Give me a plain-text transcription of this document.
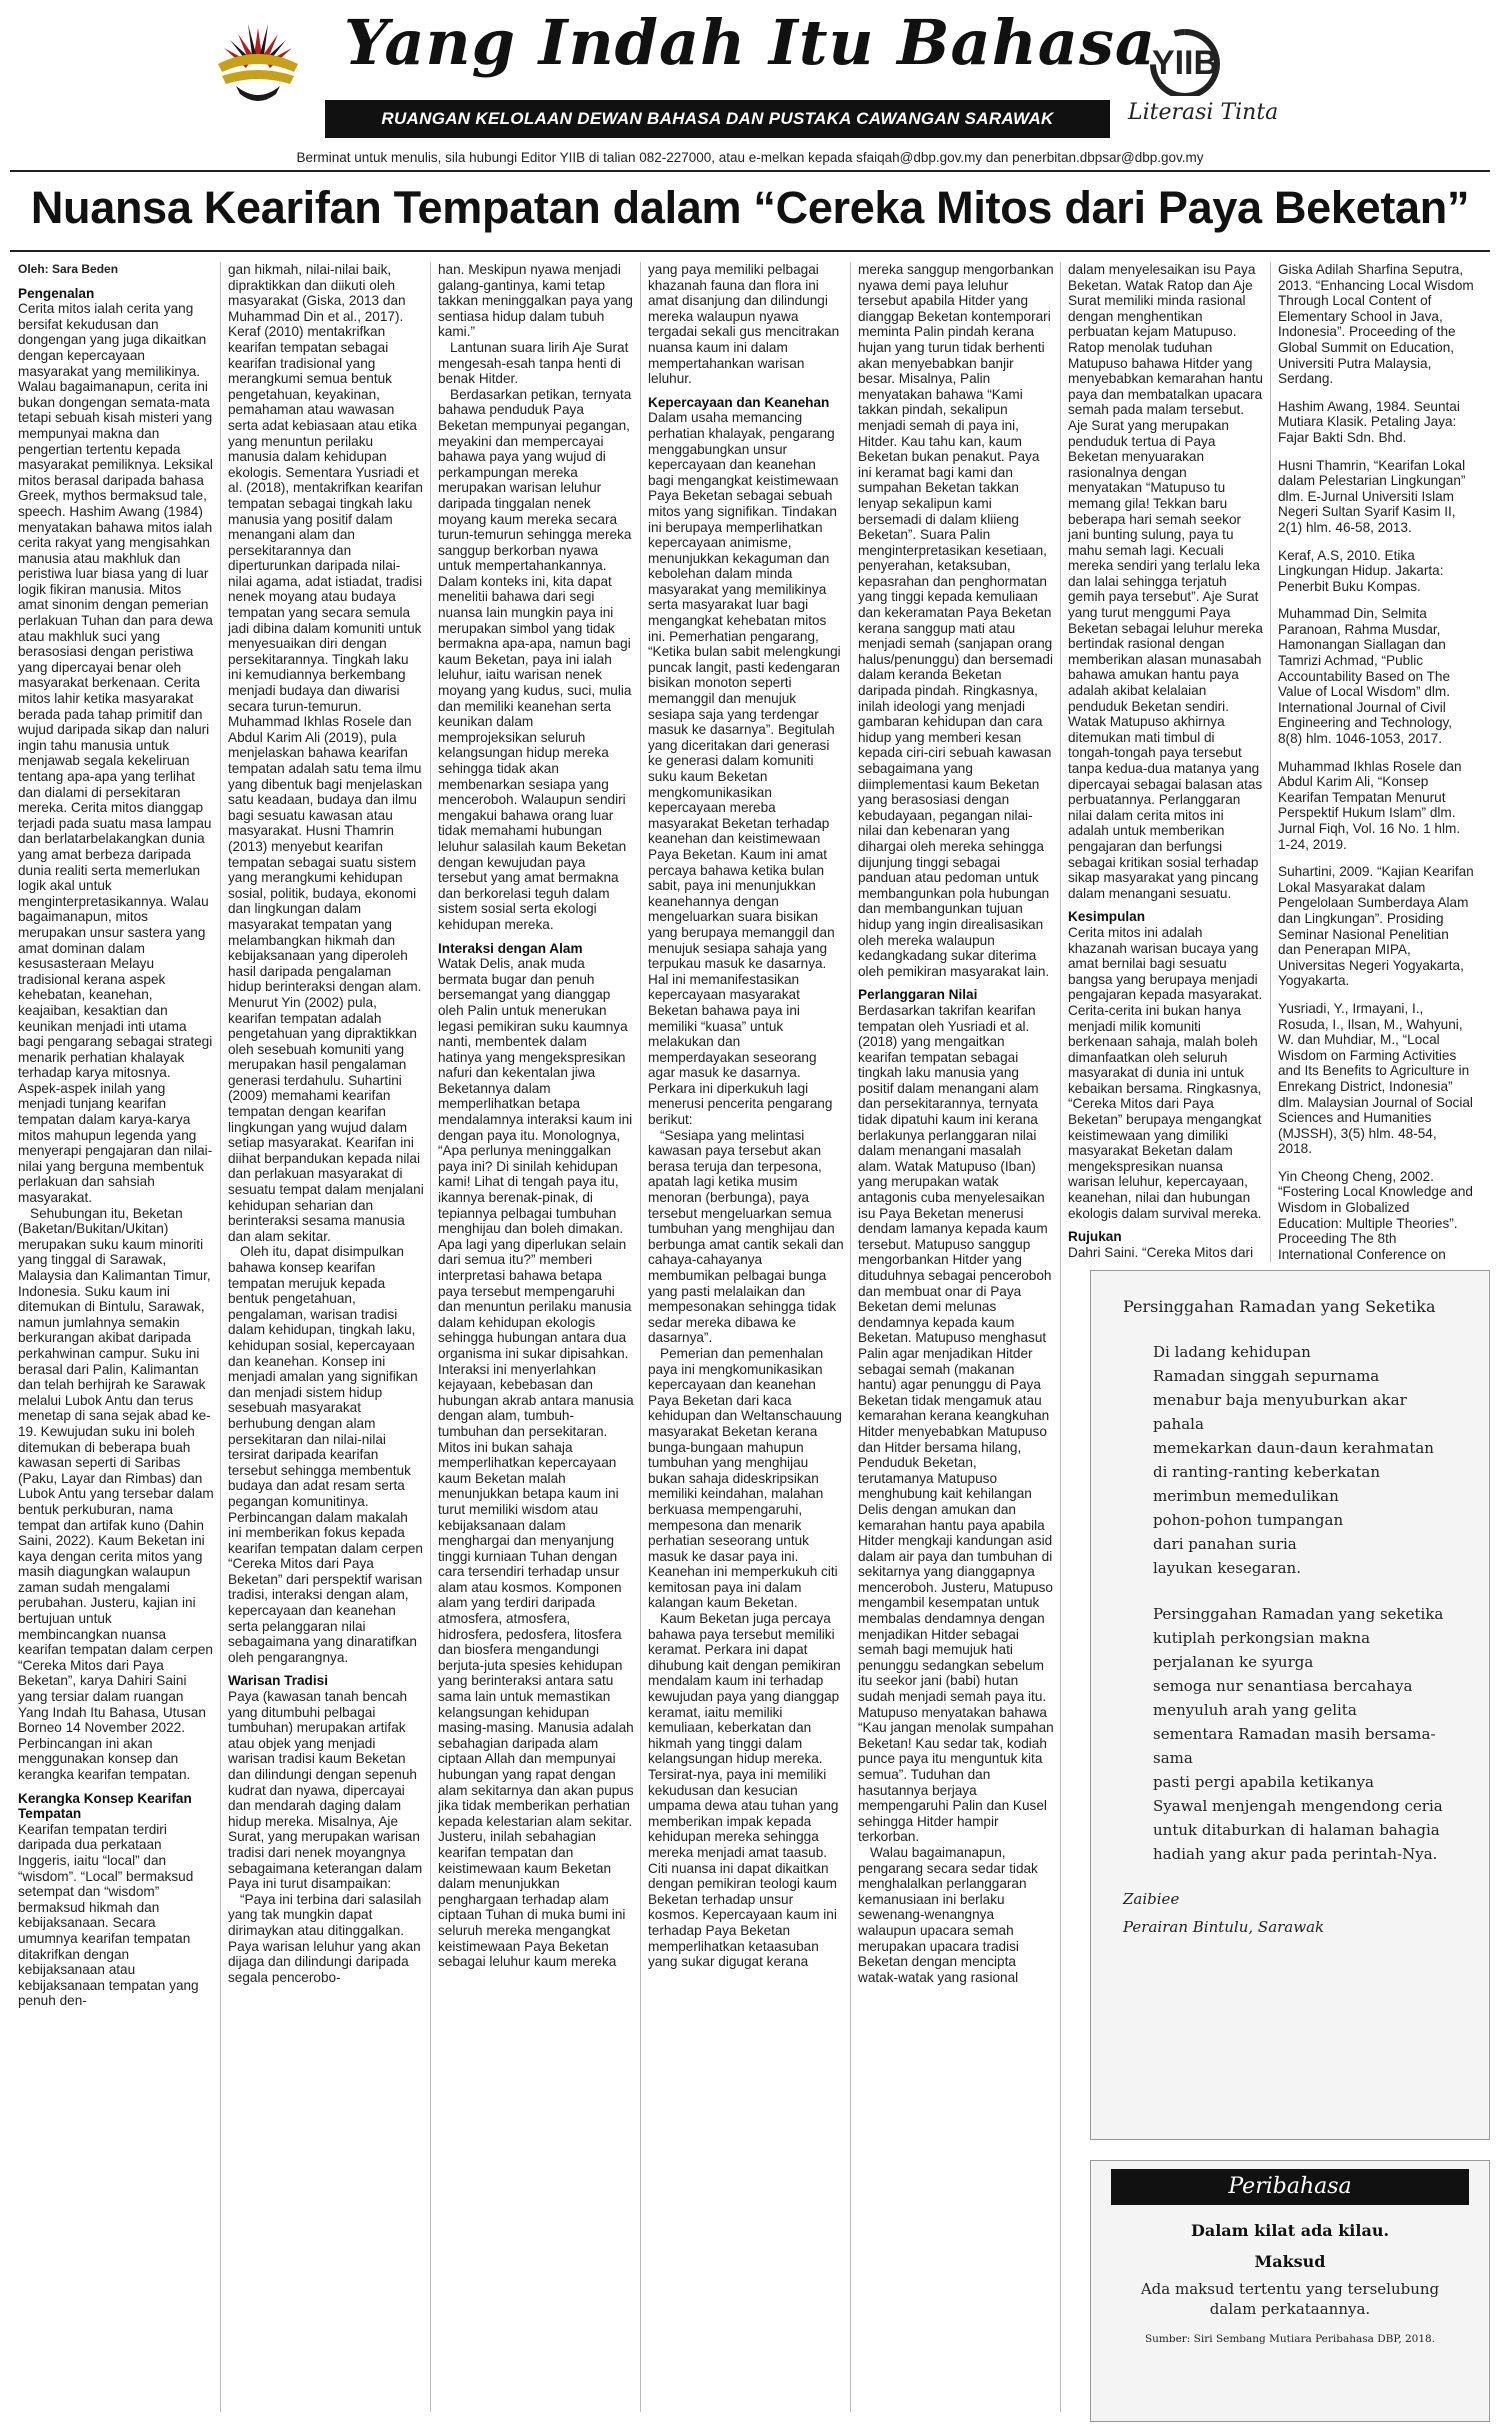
Yang Indah Itu Bahasa
RUANGAN KELOLAAN DEWAN BAHASA DAN PUSTAKA CAWANGAN SARAWAK
YIIB
Literasi Tinta
Berminat untuk menulis, sila hubungi Editor YIIB di talian 082-227000, atau e-melkan kepada sfaiqah@dbp.gov.my dan penerbitan.dbpsar@dbp.gov.my
Nuansa Kearifan Tempatan dalam “Cereka Mitos dari Paya Beketan”
Oleh: Sara Beden
Pengenalan

Cerita mitos ialah cerita yang bersifat kekudusan dan dongengan yang juga dikaitkan dengan kepercayaan masyarakat yang memilikinya. Walau bagaimanapun, cerita ini bukan dongengan semata-mata tetapi sebuah kisah misteri yang mempunyai makna dan pengertian tertentu kepada masyarakat pemiliknya. Leksikal mitos berasal daripada bahasa Greek, mythos bermaksud tale, speech. Hashim Awang (1984) menyatakan bahawa mitos ialah cerita rakyat yang mengisahkan manusia atau makhluk dan peristiwa luar biasa yang di luar logik fikiran manusia. Mitos amat sinonim dengan pemerian perlakuan Tuhan dan para dewa atau makhluk suci yang berasosiasi dengan peristiwa yang dipercayai benar oleh masyarakat berkenaan. Cerita mitos lahir ketika masyarakat berada pada tahap primitif dan wujud daripada sikap dan naluri ingin tahu manusia untuk menjawab segala kekeliruan tentang apa-apa yang terlihat dan dialami di persekitaran mereka. Cerita mitos dianggap terjadi pada suatu masa lampau dan berlatarbelakangkan dunia yang amat berbeza daripada dunia realiti serta memerlukan logik akal untuk menginterpretasikannya. Walau bagaimanapun, mitos merupakan unsur sastera yang amat dominan dalam kesusasteraan Melayu tradisional kerana aspek kehebatan, keanehan, keajaiban, kesaktian dan keunikan menjadi inti utama bagi pengarang sebagai strategi menarik perhatian khalayak terhadap karya mitosnya. Aspek-aspek inilah yang menjadi tunjang kearifan tempatan dalam karya-karya mitos mahupun legenda yang menyerapi pengajaran dan nilai-nilai yang berguna membentuk perlakuan dan sahsiah masyarakat.

Sehubungan itu, Beketan (Baketan/Bukitan/Ukitan) merupakan suku kaum minoriti yang tinggal di Sarawak, Malaysia dan Kalimantan Timur, Indonesia. Suku kaum ini ditemukan di Bintulu, Sarawak, namun jumlahnya semakin berkurangan akibat daripada perkahwinan campur. Suku ini berasal dari Palin, Kalimantan dan telah berhijrah ke Sarawak melalui Lubok Antu dan terus menetap di sana sejak abad ke-19. Kewujudan suku ini boleh ditemukan di beberapa buah kawasan seperti di Saribas (Paku, Layar dan Rimbas) dan Lubok Antu yang tersebar dalam bentuk perkuburan, nama tempat dan artifak kuno (Dahin Saini, 2022). Kaum Beketan ini kaya dengan cerita mitos yang masih diagungkan walaupun zaman sudah mengalami perubahan. Justeru, kajian ini bertujuan untuk membincangkan nuansa kearifan tempatan dalam cerpen “Cereka Mitos dari Paya Beketan”, karya Dahiri Saini yang tersiar dalam ruangan Yang Indah Itu Bahasa, Utusan Borneo 14 November 2022. Perbincangan ini akan menggunakan konsep dan kerangka kearifan tempatan.

Kerangka Konsep Kearifan Tempatan

Kearifan tempatan terdiri daripada dua perkataan Inggeris, iaitu “local” dan “wisdom”. “Local” bermaksud setempat dan “wisdom” bermaksud hikmah dan kebijaksanaan. Secara umumnya kearifan tempatan ditakrifkan dengan kebijaksanaan atau kebijaksanaan tempatan yang penuh den-

gan hikmah, nilai-nilai baik, dipraktikkan dan diikuti oleh masyarakat (Giska, 2013 dan Muhammad Din et al., 2017). Keraf (2010) mentakrifkan kearifan tempatan sebagai kearifan tradisional yang merangkumi semua bentuk pengetahuan, keyakinan, pemahaman atau wawasan serta adat kebiasaan atau etika yang menuntun perilaku manusia dalam kehidupan ekologis. Sementara Yusriadi et al. (2018), mentakrifkan kearifan tempatan sebagai tingkah laku manusia yang positif dalam menangani alam dan persekitarannya dan diperturunkan daripada nilai-nilai agama, adat istiadat, tradisi nenek moyang atau budaya tempatan yang secara semula jadi dibina dalam komuniti untuk menyesuaikan diri dengan persekitarannya. Tingkah laku ini kemudiannya berkembang menjadi budaya dan diwarisi secara turun-temurun. Muhammad Ikhlas Rosele dan Abdul Karim Ali (2019), pula menjelaskan bahawa kearifan tempatan adalah satu tema ilmu yang dibentuk bagi menjelaskan satu keadaan, budaya dan ilmu bagi sesuatu kawasan atau masyarakat. Husni Thamrin (2013) menyebut kearifan tempatan sebagai suatu sistem yang merangkumi kehidupan sosial, politik, budaya, ekonomi dan lingkungan dalam masyarakat tempatan yang melambangkan hikmah dan kebijaksanaan yang diperoleh hasil daripada pengalaman hidup berinteraksi dengan alam. Menurut Yin (2002) pula, kearifan tempatan adalah pengetahuan yang dipraktikkan oleh sesebuah komuniti yang merupakan hasil pengalaman generasi terdahulu. Suhartini (2009) memahami kearifan tempatan dengan kearifan lingkungan yang wujud dalam setiap masyarakat. Kearifan ini diihat berpandukan kepada nilai dan perlakuan masyarakat di sesuatu tempat dalam menjalani kehidupan seharian dan berinteraksi sesama manusia dan alam sekitar.

Oleh itu, dapat disimpulkan bahawa konsep kearifan tempatan merujuk kepada bentuk pengetahuan, pengalaman, warisan tradisi dalam kehidupan, tingkah laku, kehidupan sosial, kepercayaan dan keanehan. Konsep ini menjadi amalan yang signifikan dan menjadi sistem hidup sesebuah masyarakat berhubung dengan alam persekitaran dan nilai-nilai tersirat daripada kearifan tersebut sehingga membentuk budaya dan adat resam serta pegangan komunitinya. Perbincangan dalam makalah ini memberikan fokus kepada kearifan tempatan dalam cerpen “Cereka Mitos dari Paya Beketan” dari perspektif warisan tradisi, interaksi dengan alam, kepercayaan dan keanehan serta pelanggaran nilai sebagaimana yang dinaratifkan oleh pengarangnya.

Warisan Tradisi

Paya (kawasan tanah bencah yang ditumbuhi pelbagai tumbuhan) merupakan artifak atau objek yang menjadi warisan tradisi kaum Beketan dan dilindungi dengan sepenuh kudrat dan nyawa, dipercayai dan mendarah daging dalam hidup mereka. Misalnya, Aje Surat, yang merupakan warisan tradisi dari nenek moyangnya sebagaimana keterangan dalam Paya ini turut disampaikan:

“Paya ini terbina dari salasilah yang tak mungkin dapat dirimaykan atau ditinggalkan. Paya warisan leluhur yang akan dijaga dan dilindungi daripada segala pencerobo-

han. Meskipun nyawa menjadi galang-gantinya, kami tetap takkan meninggalkan paya yang sentiasa hidup dalam tubuh kami.”

Lantunan suara lirih Aje Surat mengesah-esah tanpa henti di benak Hitder.

Berdasarkan petikan, ternyata bahawa penduduk Paya Beketan mempunyai pegangan, meyakini dan mempercayai bahawa paya yang wujud di perkampungan mereka merupakan warisan leluhur daripada tinggalan nenek moyang kaum mereka secara turun-temurun sehingga mereka sanggup berkorban nyawa untuk mempertahankannya. Dalam konteks ini, kita dapat menelitii bahawa dari segi nuansa lain mungkin paya ini merupakan simbol yang tidak bermakna apa-apa, namun bagi kaum Beketan, paya ini ialah leluhur, iaitu warisan nenek moyang yang kudus, suci, mulia dan memiliki keanehan serta keunikan dalam memprojeksikan seluruh kelangsungan hidup mereka sehingga tidak akan membenarkan sesiapa yang menceroboh. Walaupun sendiri mengakui bahawa orang luar tidak memahami hubungan leluhur salasilah kaum Beketan dengan kewujudan paya tersebut yang amat bermakna dan berkorelasi teguh dalam sistem sosial serta ekologi kehidupan mereka.

Interaksi dengan Alam

Watak Delis, anak muda bermata bugar dan penuh bersemangat yang dianggap oleh Palin untuk menerukan legasi pemikiran suku kaumnya nanti, membentek dalam hatinya yang mengekspresikan nafuri dan kekentalan jiwa Beketannya dalam memperlihatkan betapa mendalamnya interaksi kaum ini dengan paya itu. Monolognya, “Apa perlunya meninggalkan paya ini? Di sinilah kehidupan kami! Lihat di tengah paya itu, ikannya berenak-pinak, di tepiannya pelbagai tumbuhan menghijau dan boleh dimakan. Apa lagi yang diperlukan selain dari semua itu?” memberi interpretasi bahawa betapa paya tersebut mempengaruhi dan menuntun perilaku manusia dalam kehidupan ekologis sehingga hubungan antara dua organisma ini sukar dipisahkan. Interaksi ini menyerlahkan kejayaan, kebebasan dan hubungan akrab antara manusia dengan alam, tumbuh-tumbuhan dan persekitaran. Mitos ini bukan sahaja memperlihatkan kepercayaan kaum Beketan malah menunjukkan betapa kaum ini turut memiliki wisdom atau kebijaksanaan dalam menghargai dan menyanjung tinggi kurniaan Tuhan dengan cara tersendiri terhadap unsur alam atau kosmos. Komponen alam yang terdiri daripada atmosfera, atmosfera, hidrosfera, pedosfera, litosfera dan biosfera mengandungi berjuta-juta spesies kehidupan yang berinteraksi antara satu sama lain untuk memastikan kelangsungan kehidupan masing-masing. Manusia adalah sebahagian daripada alam ciptaan Allah dan mempunyai hubungan yang rapat dengan alam sekitarnya dan akan pupus jika tidak memberikan perhatian kepada kelestarian alam sekitar. Justeru, inilah sebahagian kearifan tempatan dan keistimewaan kaum Beketan dalam menunjukkan penghargaan terhadap alam ciptaan Tuhan di muka bumi ini seluruh mereka mengangkat keistimewaan Paya Beketan sebagai leluhur kaum mereka

yang paya memiliki pelbagai khazanah fauna dan flora ini amat disanjung dan dilindungi mereka walaupun nyawa tergadai sekali gus mencitrakan nuansa kaum ini dalam mempertahankan warisan leluhur.

Kepercayaan dan Keanehan

Dalam usaha memancing perhatian khalayak, pengarang menggabungkan unsur kepercayaan dan keanehan bagi mengangkat keistimewaan Paya Beketan sebagai sebuah mitos yang signifikan. Tindakan ini berupaya memperlihatkan kepercayaan animisme, menunjukkan kekaguman dan kebolehan dalam minda masyarakat yang memilikinya serta masyarakat luar bagi mengangkat kehebatan mitos ini. Pemerhatian pengarang, “Ketika bulan sabit melengkungi puncak langit, pasti kedengaran bisikan monoton seperti memanggil dan menujuk sesiapa saja yang terdengar masuk ke dasarnya”. Begitulah yang diceritakan dari generasi ke generasi dalam komuniti suku kaum Beketan mengkomunikasikan kepercayaan mereba masyarakat Beketan terhadap keanehan dan keistimewaan Paya Beketan. Kaum ini amat percaya bahawa ketika bulan sabit, paya ini menunjukkan keanehannya dengan mengeluarkan suara bisikan yang berupaya memanggil dan menujuk sesiapa sahaja yang terpukau masuk ke dasarnya. Hal ini memanifestasikan kepercayaan masyarakat Beketan bahawa paya ini memiliki “kuasa” untuk melakukan dan memperdayakan seseorang agar masuk ke dasarnya. Perkara ini diperkukuh lagi menerusi pencerita pengarang berikut:

“Sesiapa yang melintasi kawasan paya tersebut akan berasa teruja dan terpesona, apatah lagi ketika musim menoran (berbunga), paya tersebut mengeluarkan semua tumbuhan yang menghijau dan berbunga amat cantik sekali dan cahaya-cahayanya membumikan pelbagai bunga yang pasti melalaikan dan mempesonakan sehingga tidak sedar mereka dibawa ke dasarnya”.

Pemerian dan pemenhalan paya ini mengkomunikasikan kepercayaan dan keanehan Paya Beketan dari kaca kehidupan dan Weltanschauung masyarakat Beketan kerana bunga-bungaan mahupun tumbuhan yang menghijau bukan sahaja dideskripsikan memiliki keindahan, malahan berkuasa mempengaruhi, mempesona dan menarik perhatian seseorang untuk masuk ke dasar paya ini. Keanehan ini memperkukuh citi kemitosan paya ini dalam kalangan kaum Beketan.

Kaum Beketan juga percaya bahawa paya tersebut memiliki keramat. Perkara ini dapat dihubung kait dengan pemikiran mendalam kaum ini terhadap kewujudan paya yang dianggap keramat, iaitu memiliki kemuliaan, keberkatan dan hikmah yang tinggi dalam kelangsungan hidup mereka. Tersirat-nya, paya ini memiliki kekudusan dan kesucian umpama dewa atau tuhan yang memberikan impak kepada kehidupan mereka sehingga mereka menjadi amat taasub. Citi nuansa ini dapat dikaitkan dengan pemikiran teologi kaum Beketan terhadap unsur kosmos. Kepercayaan kaum ini terhadap Paya Beketan memperlihatkan ketaasuban yang sukar digugat kerana

mereka sanggup mengorbankan nyawa demi paya leluhur tersebut apabila Hitder yang dianggap Beketan kontemporari meminta Palin pindah kerana hujan yang turun tidak berhenti akan menyebabkan banjir besar. Misalnya, Palin menyatakan bahawa “Kami takkan pindah, sekalipun menjadi semah di paya ini, Hitder. Kau tahu kan, kaum Beketan bukan penakut. Paya ini keramat bagi kami dan sumpahan Beketan takkan lenyap sekalipun kami bersemadi di dalam kliieng Beketan”. Suara Palin menginterpretasikan kesetiaan, penyerahan, ketaksuban, kepasrahan dan penghormatan yang tinggi kepada kemuliaan dan kekeramatan Paya Beketan kerana sanggup mati atau menjadi semah (sanjapan orang halus/penunggu) dan bersemadi dalam keranda Beketan daripada pindah. Ringkasnya, inilah ideologi yang menjadi gambaran kehidupan dan cara hidup yang memberi kesan kepada ciri-ciri sebuah kawasan sebagaimana yang diimplementasi kaum Beketan yang berasosiasi dengan kebudayaan, pegangan nilai-nilai dan kebenaran yang dihargai oleh mereka sehingga dijunjung tinggi sebagai panduan atau pedoman untuk membangunkan pola hubungan dan membangunkan tujuan hidup yang ingin direalisasikan oleh mereka walaupun kedangkadang sukar diterima oleh pemikiran masyarakat lain.

Perlanggaran Nilai

Berdasarkan takrifan kearifan tempatan oleh Yusriadi et al. (2018) yang mengaitkan kearifan tempatan sebagai tingkah laku manusia yang positif dalam menangani alam dan persekitarannya, ternyata tidak dipatuhi kaum ini kerana berlakunya perlanggaran nilai dalam menangani masalah alam. Watak Matupuso (Iban) yang merupakan watak antagonis cuba menyelesaikan isu Paya Beketan menerusi dendam lamanya kepada kaum tersebut. Matupuso sanggup mengorbankan Hitder yang dituduhnya sebagai penceroboh dan membuat onar di Paya Beketan demi melunas dendamnya kepada kaum Beketan. Matupuso menghasut Palin agar menjadikan Hitder sebagai semah (makanan hantu) agar penunggu di Paya Beketan tidak mengamuk atau kemarahan kerana keangkuhan Hitder menyebabkan Matupuso dan Hitder bersama hilang, Penduduk Beketan, terutamanya Matupuso menghubung kait kehilangan Delis dengan amukan dan kemarahan hantu paya apabila Hitder mengkaji kandungan asid dalam air paya dan tumbuhan di sekitarnya yang dianggapnya menceroboh. Justeru, Matupuso mengambil kesempatan untuk membalas dendamnya dengan menjadikan Hitder sebagai semah bagi memujuk hati penunggu sedangkan sebelum itu seekor jani (babi) hutan sudah menjadi semah paya itu. Matupuso menyatakan bahawa “Kau jangan menolak sumpahan Beketan! Kau sedar tak, kodiah punce paya itu menguntuk kita semua”. Tuduhan dan hasutannya berjaya mempengaruhi Palin dan Kusel sehingga Hitder hampir terkorban.

Walau bagaimanapun, pengarang secara sedar tidak menghalalkan perlanggaran kemanusiaan ini berlaku sewenang-wenangnya walaupun upacara semah merupakan upacara tradisi Beketan dengan mencipta watak-watak yang rasional

dalam menyelesaikan isu Paya Beketan. Watak Ratop dan Aje Surat memiliki minda rasional dengan menghentikan perbuatan kejam Matupuso. Ratop menolak tuduhan Matupuso bahawa Hitder yang menyebabkan kemarahan hantu paya dan membatalkan upacara semah pada malam tersebut. Aje Surat yang merupakan penduduk tertua di Paya Beketan menyuarakan rasionalnya dengan menyatakan “Matupuso tu memang gila! Tekkan baru beberapa hari semah seekor jani bunting sulung, paya tu mahu semah lagi. Kecuali mereka sendiri yang terlalu leka dan lalai sehingga terjatuh gemih paya tersebut”. Aje Surat yang turut menggumi Paya Beketan sebagai leluhur mereka bertindak rasional dengan memberikan alasan munasabah bahawa amukan hantu paya adalah akibat kelalaian penduduk Beketan sendiri. Watak Matupuso akhirnya ditemukan mati timbul di tongah-tongah paya tersebut tanpa kedua-dua matanya yang dipercayai sebagai balasan atas perbuatannya. Perlanggaran nilai dalam cerita mitos ini adalah untuk memberikan pengajaran dan berfungsi sebagai kritikan sosial terhadap sikap masyarakat yang pincang dalam menangani sesuatu.

Kesimpulan

Cerita mitos ini adalah khazanah warisan bucaya yang amat bernilai bagi sesuatu bangsa yang berupaya menjadi pengajaran kepada masyarakat. Cerita-cerita ini bukan hanya menjadi milik komuniti berkenaan sahaja, malah boleh dimanfaatkan oleh seluruh masyarakat di dunia ini untuk kebaikan bersama. Ringkasnya, “Cereka Mitos dari Paya Beketan” berupaya mengangkat keistimewaan yang dimiliki masyarakat Beketan dalam mengekspresikan nuansa warisan leluhur, kepercayaan, keanehan, nilai dan hubungan ekologis dalam survival mereka.

Rujukan

Dahri Saini. “Cereka Mitos dari

Giska Adilah Sharfina Seputra, 2013. “Enhancing Local Wisdom Through Local Content of Elementary School in Java, Indonesia”. Proceeding of the Global Summit on Education, Universiti Putra Malaysia, Serdang.

Hashim Awang, 1984. Seuntai Mutiara Klasik. Petaling Jaya: Fajar Bakti Sdn. Bhd.

Husni Thamrin, “Kearifan Lokal dalam Pelestarian Lingkungan” dlm. E-Jurnal Universiti Islam Negeri Sultan Syarif Kasim II, 2(1) hlm. 46-58, 2013.

Keraf, A.S, 2010. Etika Lingkungan Hidup. Jakarta: Penerbit Buku Kompas.

Muhammad Din, Selmita Paranoan, Rahma Musdar, Hamonangan Siallagan dan Tamrizi Achmad, “Public Accountability Based on The Value of Local Wisdom” dlm. International Journal of Civil Engineering and Technology, 8(8) hlm. 1046-1053, 2017.

Muhammad Ikhlas Rosele dan Abdul Karim Ali, “Konsep Kearifan Tempatan Menurut Perspektif Hukum Islam” dlm. Jurnal Fiqh, Vol. 16 No. 1 hlm. 1-24, 2019.

Suhartini, 2009. “Kajian Kearifan Lokal Masyarakat dalam Pengelolaan Sumberdaya Alam dan Lingkungan”. Prosiding Seminar Nasional Penelitian dan Penerapan MIPA, Universitas Negeri Yogyakarta, Yogyakarta.

Yusriadi, Y., Irmayani, I., Rosuda, I., Ilsan, M., Wahyuni, W. dan Muhdiar, M., “Local Wisdom on Farming Activities and Its Benefits to Agriculture in Enrekang District, Indonesia” dlm. Malaysian Journal of Social Sciences and Humanities (MJSSH), 3(5) hlm. 48-54, 2018.

Yin Cheong Cheng, 2002. “Fostering Local Knowledge and Wisdom in Globalized Education: Multiple Theories”. Proceeding The 8th International Conference on

Persinggahan Ramadan yang Seketika
Di ladang kehidupan
Ramadan singgah sepurnama
menabur baja menyuburkan akar pahala
memekarkan daun-daun kerahmatan
di ranting-ranting keberkatan
merimbun memedulikan
pohon-pohon tumpangan
dari panahan suria
layukan kesegaran.
Persinggahan Ramadan yang seketika
kutiplah perkongsian makna
perjalanan ke syurga
semoga nur senantiasa bercahaya
menyuluh arah yang gelita
sementara Ramadan masih bersama-sama
pasti pergi apabila ketikanya
Syawal menjengah mengendong ceria
untuk ditaburkan di halaman bahagia
hadiah yang akur pada perintah-Nya.
Zaibiee
Perairan Bintulu, Sarawak
Peribahasa
Dalam kilat ada kilau.
Maksud
Ada maksud tertentu yang terselubung dalam perkataannya.
Sumber: Siri Sembang Mutiara Peribahasa DBP, 2018.
